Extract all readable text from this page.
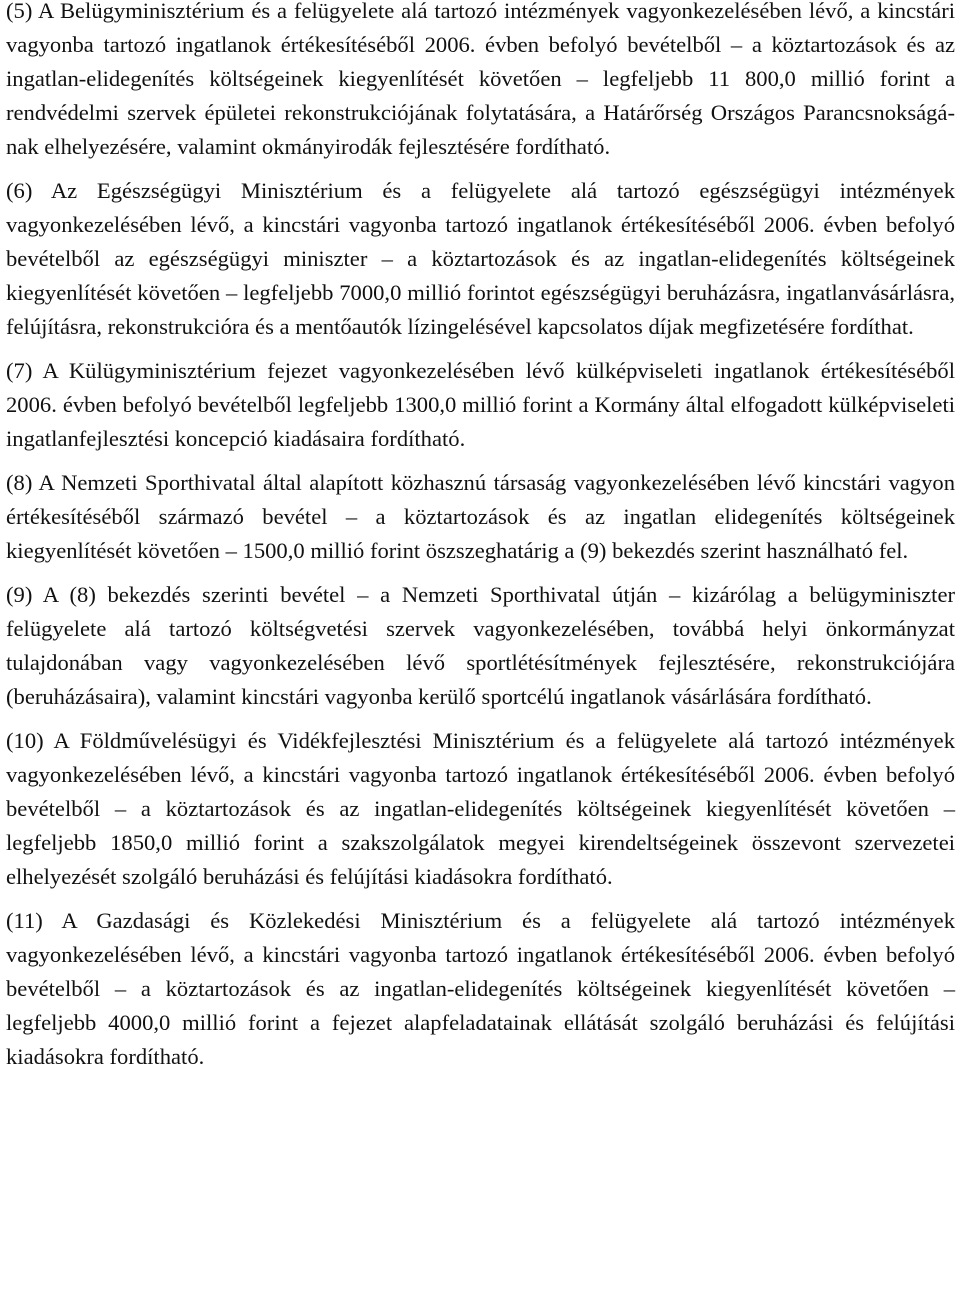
(5) A Belügyminisztérium és a felügyelete alá tartozó intézmények vagyonkezelésében lévő, a kincstári vagyonba tartozó ingatlanok értékesítéséből 2006. évben befolyó bevételből – a köztartozások és az ingatlan-elidegenítés költségeinek kiegyenlítését követően – legfeljebb 11 800,0 millió forint a rendvédelmi szervek épületei rekonstrukciójának folytatására, a Határőrség Országos Parancsnokságának elhelyezésére, valamint okmányirodák fejlesztésére fordítható.

(6) Az Egészségügyi Minisztérium és a felügyelete alá tartozó egészségügyi intézmények vagyonkezelésében lévő, a kincstári vagyonba tartozó ingatlanok értékesítéséből 2006. évben befolyó bevételből az egészségügyi miniszter – a köztartozások és az ingatlan-elidegenítés költségeinek kiegyenlítését követően – legfeljebb 7000,0 millió forintot egészségügyi beruházásra, ingatlanvásárlásra, felújításra, rekonstrukcióra és a mentőautók lízingelésével kapcsolatos díjak megfizetésére fordíthat.

(7) A Külügyminisztérium fejezet vagyonkezelésében lévő külképviseleti ingatlanok értékesítéséből 2006. évben befolyó bevételből legfeljebb 1300,0 millió forint a Kormány által elfogadott külképviseleti ingatlanfejlesztési koncepció kiadásaira fordítható.

(8) A Nemzeti Sporthivatal által alapított közhasznú társaság vagyonkezelésében lévő kincstári vagyon értékesítéséből származó bevétel – a köztartozások és az ingatlan elidegenítés költségeinek kiegyenlítését követően – 1500,0 millió forint öszszeghatárig a (9) bekezdés szerint használható fel.

(9) A (8) bekezdés szerinti bevétel – a Nemzeti Sporthivatal útján – kizárólag a belügyminiszter felügyelete alá tartozó költségvetési szervek vagyonkezelésében, továbbá helyi önkormányzat tulajdonában vagy vagyonkezelésében lévő sportlétésítmények fejlesztésére, rekonstrukciójára (beruházásaira), valamint kincstári vagyonba kerülő sportcélú ingatlanok vásárlására fordítható.

(10) A Földművelésügyi és Vidékfejlesztési Minisztérium és a felügyelete alá tartozó intézmények vagyonkezelésében lévő, a kincstári vagyonba tartozó ingatlanok értékesítéséből 2006. évben befolyó bevételből – a köztartozások és az ingatlan-elidegenítés költségeinek kiegyenlítését követően – legfeljebb 1850,0 millió forint a szakszolgálatok megyei kirendeltségeinek összevont szervezetei elhelyezését szolgáló beruházási és felújítási kiadásokra fordítható.

(11) A Gazdasági és Közlekedési Minisztérium és a felügyelete alá tartozó intézmények vagyonkezelésében lévő, a kincstári vagyonba tartozó ingatlanok értékesítéséből 2006. évben befolyó bevételből – a köztartozások és az ingatlan-elidegenítés költségeinek kiegyenlítését követően – legfeljebb 4000,0 millió forint a fejezet alapfeladatainak ellátását szolgáló beruházási és felújítási kiadásokra fordítható.
